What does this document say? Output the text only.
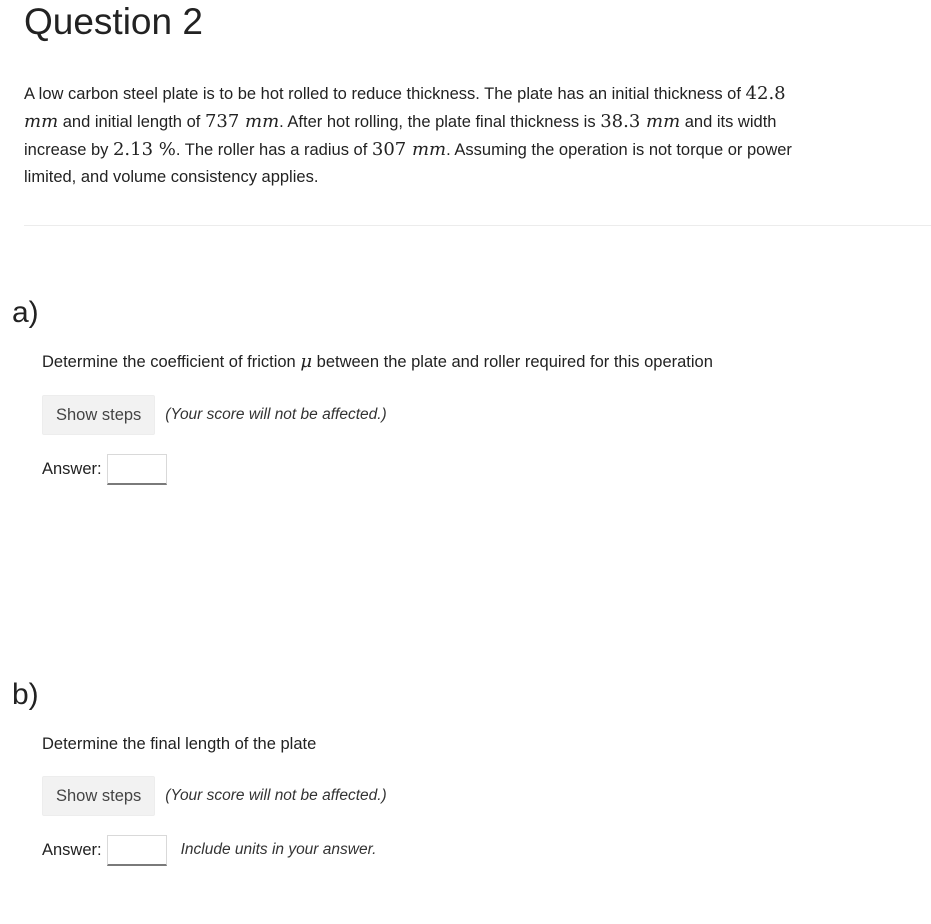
Question 2
A low carbon steel plate is to be hot rolled to reduce thickness. The plate has an initial thickness of 42.8 mm and initial length of 737 mm. After hot rolling, the plate final thickness is 38.3 mm and its width increase by 2.13 %. The roller has a radius of 307 mm. Assuming the operation is not torque or power limited, and volume consistency applies.
a)
Determine the coefficient of friction μ between the plate and roller required for this operation
Show steps	(Your score will not be affected.)
Answer:
b)
Determine the final length of the plate
Show steps	(Your score will not be affected.)
Answer:	Include units in your answer.
